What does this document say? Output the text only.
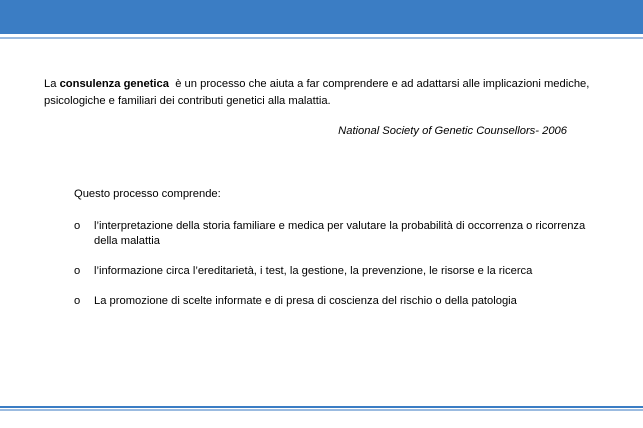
La consulenza genetica  è un processo che aiuta a far comprendere e ad adattarsi alle implicazioni mediche, psicologiche e familiari dei contributi genetici alla malattia.

National Society of Genetic Counsellors- 2006
Questo processo comprende:
o l’interpretazione della storia familiare e medica per valutare la probabilità di occorrenza o ricorrenza della malattia
o l’informazione circa l’ereditarietà, i test, la gestione, la prevenzione, le risorse e la ricerca
o La promozione di scelte informate e di presa di coscienza del rischio o della patologia
